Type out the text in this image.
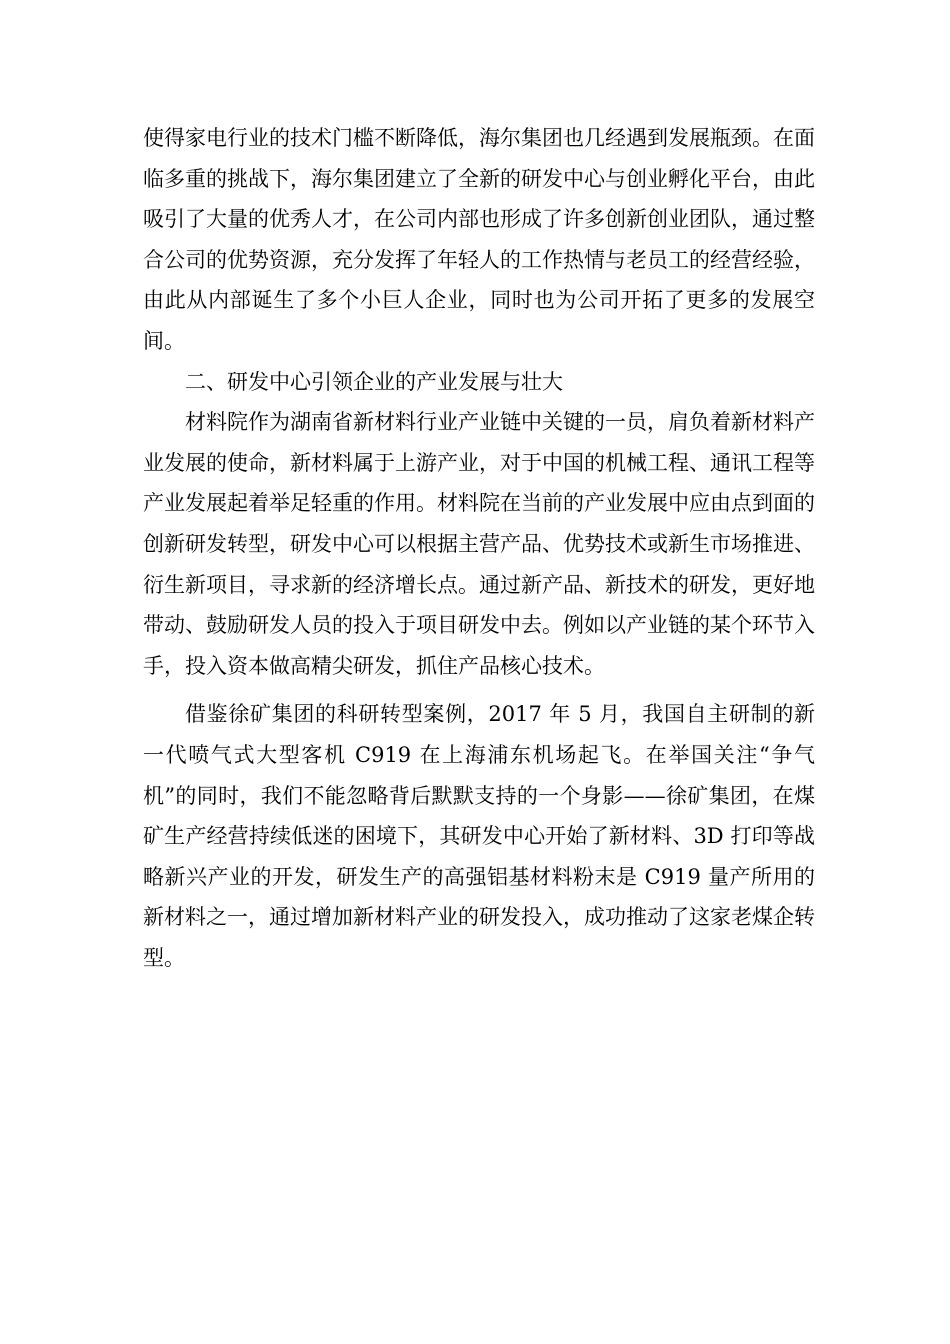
使得家电行业的技术门槛不断降低，海尔集团也几经遇到发展瓶颈。在面临多重的挑战下，海尔集团建立了全新的研发中心与创业孵化平台，由此吸引了大量的优秀人才，在公司内部也形成了许多创新创业团队，通过整合公司的优势资源，充分发挥了年轻人的工作热情与老员工的经营经验，由此从内部诞生了多个小巨人企业，同时也为公司开拓了更多的发展空间。

二、研发中心引领企业的产业发展与壮大

材料院作为湖南省新材料行业产业链中关键的一员，肩负着新材料产业发展的使命，新材料属于上游产业，对于中国的机械工程、通讯工程等产业发展起着举足轻重的作用。材料院在当前的产业发展中应由点到面的创新研发转型，研发中心可以根据主营产品、优势技术或新生市场推进、衍生新项目，寻求新的经济增长点。通过新产品、新技术的研发，更好地带动、鼓励研发人员的投入于项目研发中去。例如以产业链的某个环节入手，投入资本做高精尖研发，抓住产品核心技术。

借鉴徐矿集团的科研转型案例，2017 年 5 月，我国自主研制的新一代喷气式大型客机 C919 在上海浦东机场起飞。在举国关注“争气机”的同时，我们不能忽略背后默默支持的一个身影——徐矿集团，在煤矿生产经营持续低迷的困境下，其研发中心开始了新材料、3D 打印等战略新兴产业的开发，研发生产的高强铝基材料粉末是 C919 量产所用的新材料之一，通过增加新材料产业的研发投入，成功推动了这家老煤企转型。
